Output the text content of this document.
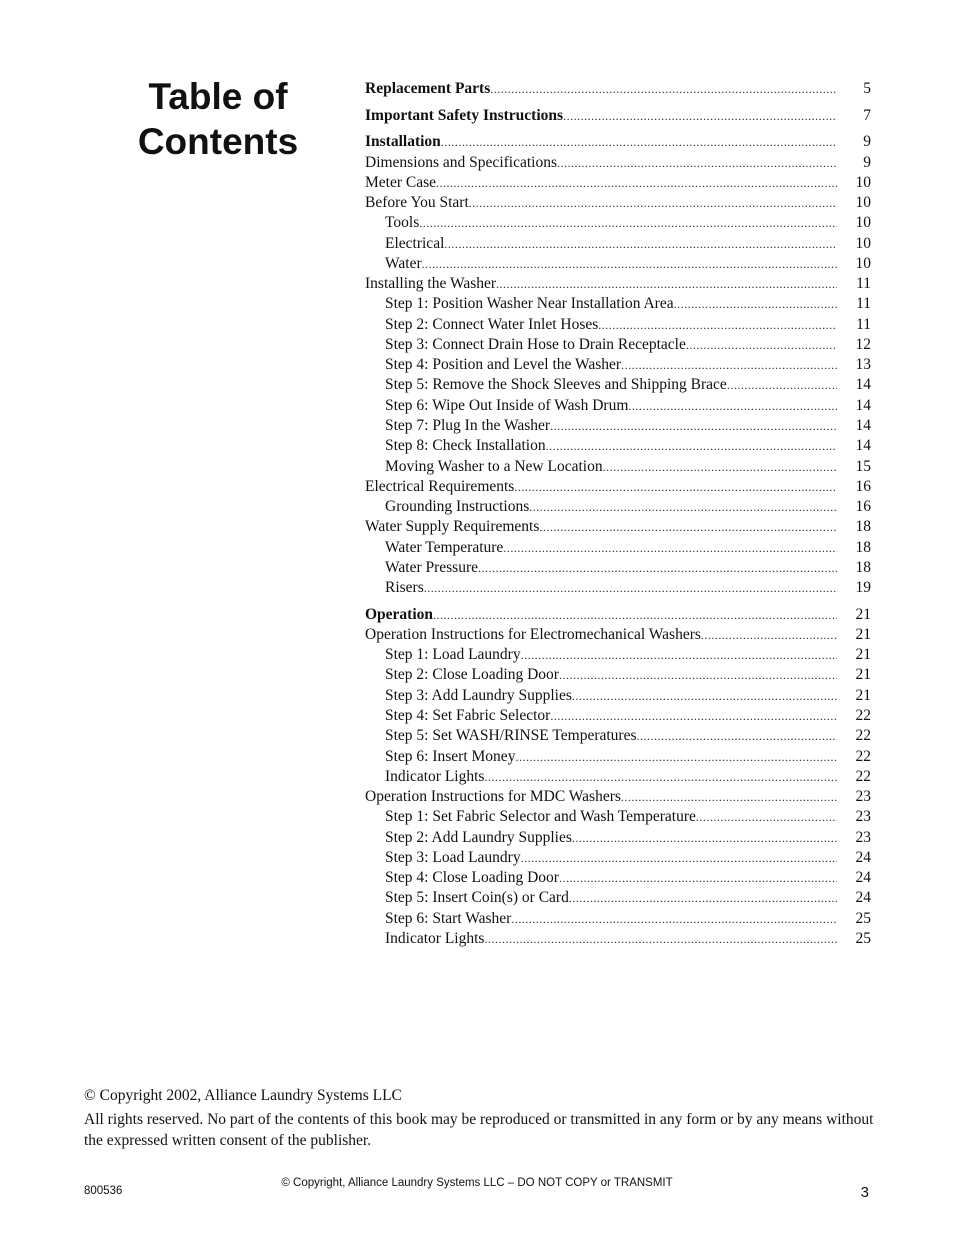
Table of
Contents
Replacement Parts .....	5
Important Safety Instructions .....	7
Installation .....	9
Dimensions and Specifications .....	9
Meter Case .....	10
Before You Start .....	10
Tools .....	10
Electrical .....	10
Water .....	10
Installing the Washer .....	11
Step 1: Position Washer Near Installation Area .....	11
Step 2: Connect Water Inlet Hoses .....	11
Step 3: Connect Drain Hose to Drain Receptacle .....	12
Step 4: Position and Level the Washer .....	13
Step 5: Remove the Shock Sleeves and Shipping Brace .....	14
Step 6: Wipe Out Inside of Wash Drum .....	14
Step 7: Plug In the Washer .....	14
Step 8: Check Installation .....	14
Moving Washer to a New Location .....	15
Electrical Requirements .....	16
Grounding Instructions .....	16
Water Supply Requirements .....	18
Water Temperature .....	18
Water Pressure .....	18
Risers .....	19
Operation .....	21
Operation Instructions for Electromechanical Washers .....	21
Step 1: Load Laundry .....	21
Step 2: Close Loading Door .....	21
Step 3: Add Laundry Supplies .....	21
Step 4: Set Fabric Selector .....	22
Step 5: Set WASH/RINSE Temperatures .....	22
Step 6: Insert Money .....	22
Indicator Lights .....	22
Operation Instructions for MDC Washers .....	23
Step 1: Set Fabric Selector and Wash Temperature .....	23
Step 2: Add Laundry Supplies .....	23
Step 3: Load Laundry .....	24
Step 4: Close Loading Door .....	24
Step 5: Insert Coin(s) or Card .....	24
Step 6: Start Washer .....	25
Indicator Lights .....	25

© Copyright 2002, Alliance Laundry Systems LLC

All rights reserved. No part of the contents of this book may be reproduced or transmitted in any form or by any means without the expressed written consent of the publisher.

800536
© Copyright, Alliance Laundry Systems LLC – DO NOT COPY or TRANSMIT
3
